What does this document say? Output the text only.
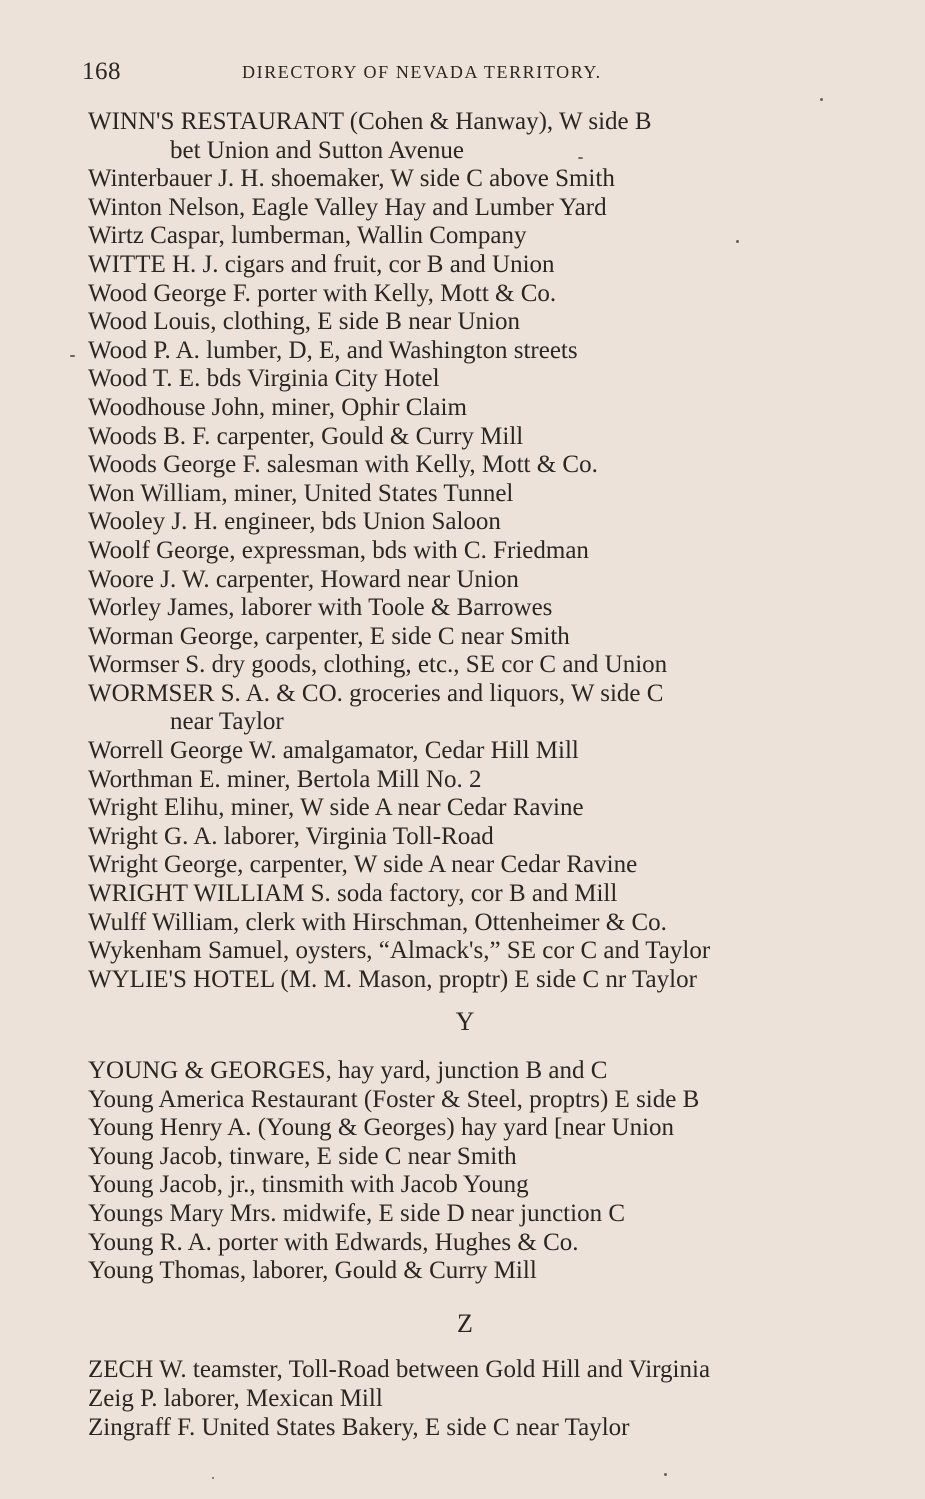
168	DIRECTORY OF NEVADA TERRITORY.
WINN'S RESTAURANT (Cohen & Hanway), W side B
bet Union and Sutton Avenue
Winterbauer J. H. shoemaker, W side C above Smith
Winton Nelson, Eagle Valley Hay and Lumber Yard
Wirtz Caspar, lumberman, Wallin Company
WITTE H. J. cigars and fruit, cor B and Union
Wood George F. porter with Kelly, Mott & Co.
Wood Louis, clothing, E side B near Union
Wood P. A. lumber, D, E, and Washington streets
Wood T. E. bds Virginia City Hotel
Woodhouse John, miner, Ophir Claim
Woods B. F. carpenter, Gould & Curry Mill
Woods George F. salesman with Kelly, Mott & Co.
Won William, miner, United States Tunnel
Wooley J. H. engineer, bds Union Saloon
Woolf George, expressman, bds with C. Friedman
Woore J. W. carpenter, Howard near Union
Worley James, laborer with Toole & Barrowes
Worman George, carpenter, E side C near Smith
Wormser S. dry goods, clothing, etc., SE cor C and Union
WORMSER S. A. & CO. groceries and liquors, W side C
near Taylor
Worrell George W. amalgamator, Cedar Hill Mill
Worthman E. miner, Bertola Mill No. 2
Wright Elihu, miner, W side A near Cedar Ravine
Wright G. A. laborer, Virginia Toll-Road
Wright George, carpenter, W side A near Cedar Ravine
WRIGHT WILLIAM S. soda factory, cor B and Mill
Wulff William, clerk with Hirschman, Ottenheimer & Co.
Wykenham Samuel, oysters, “Almack's,” SE cor C and Taylor
WYLIE'S HOTEL (M. M. Mason, proptr) E side C nr Taylor
Y
YOUNG & GEORGES, hay yard, junction B and C
Young America Restaurant (Foster & Steel, proptrs) E side B
Young Henry A. (Young & Georges) hay yard [near Union
Young Jacob, tinware, E side C near Smith
Young Jacob, jr., tinsmith with Jacob Young
Youngs Mary Mrs. midwife, E side D near junction C
Young R. A. porter with Edwards, Hughes & Co.
Young Thomas, laborer, Gould & Curry Mill
Z
ZECH W. teamster, Toll-Road between Gold Hill and Virginia
Zeig P. laborer, Mexican Mill
Zingraff F. United States Bakery, E side C near Taylor
